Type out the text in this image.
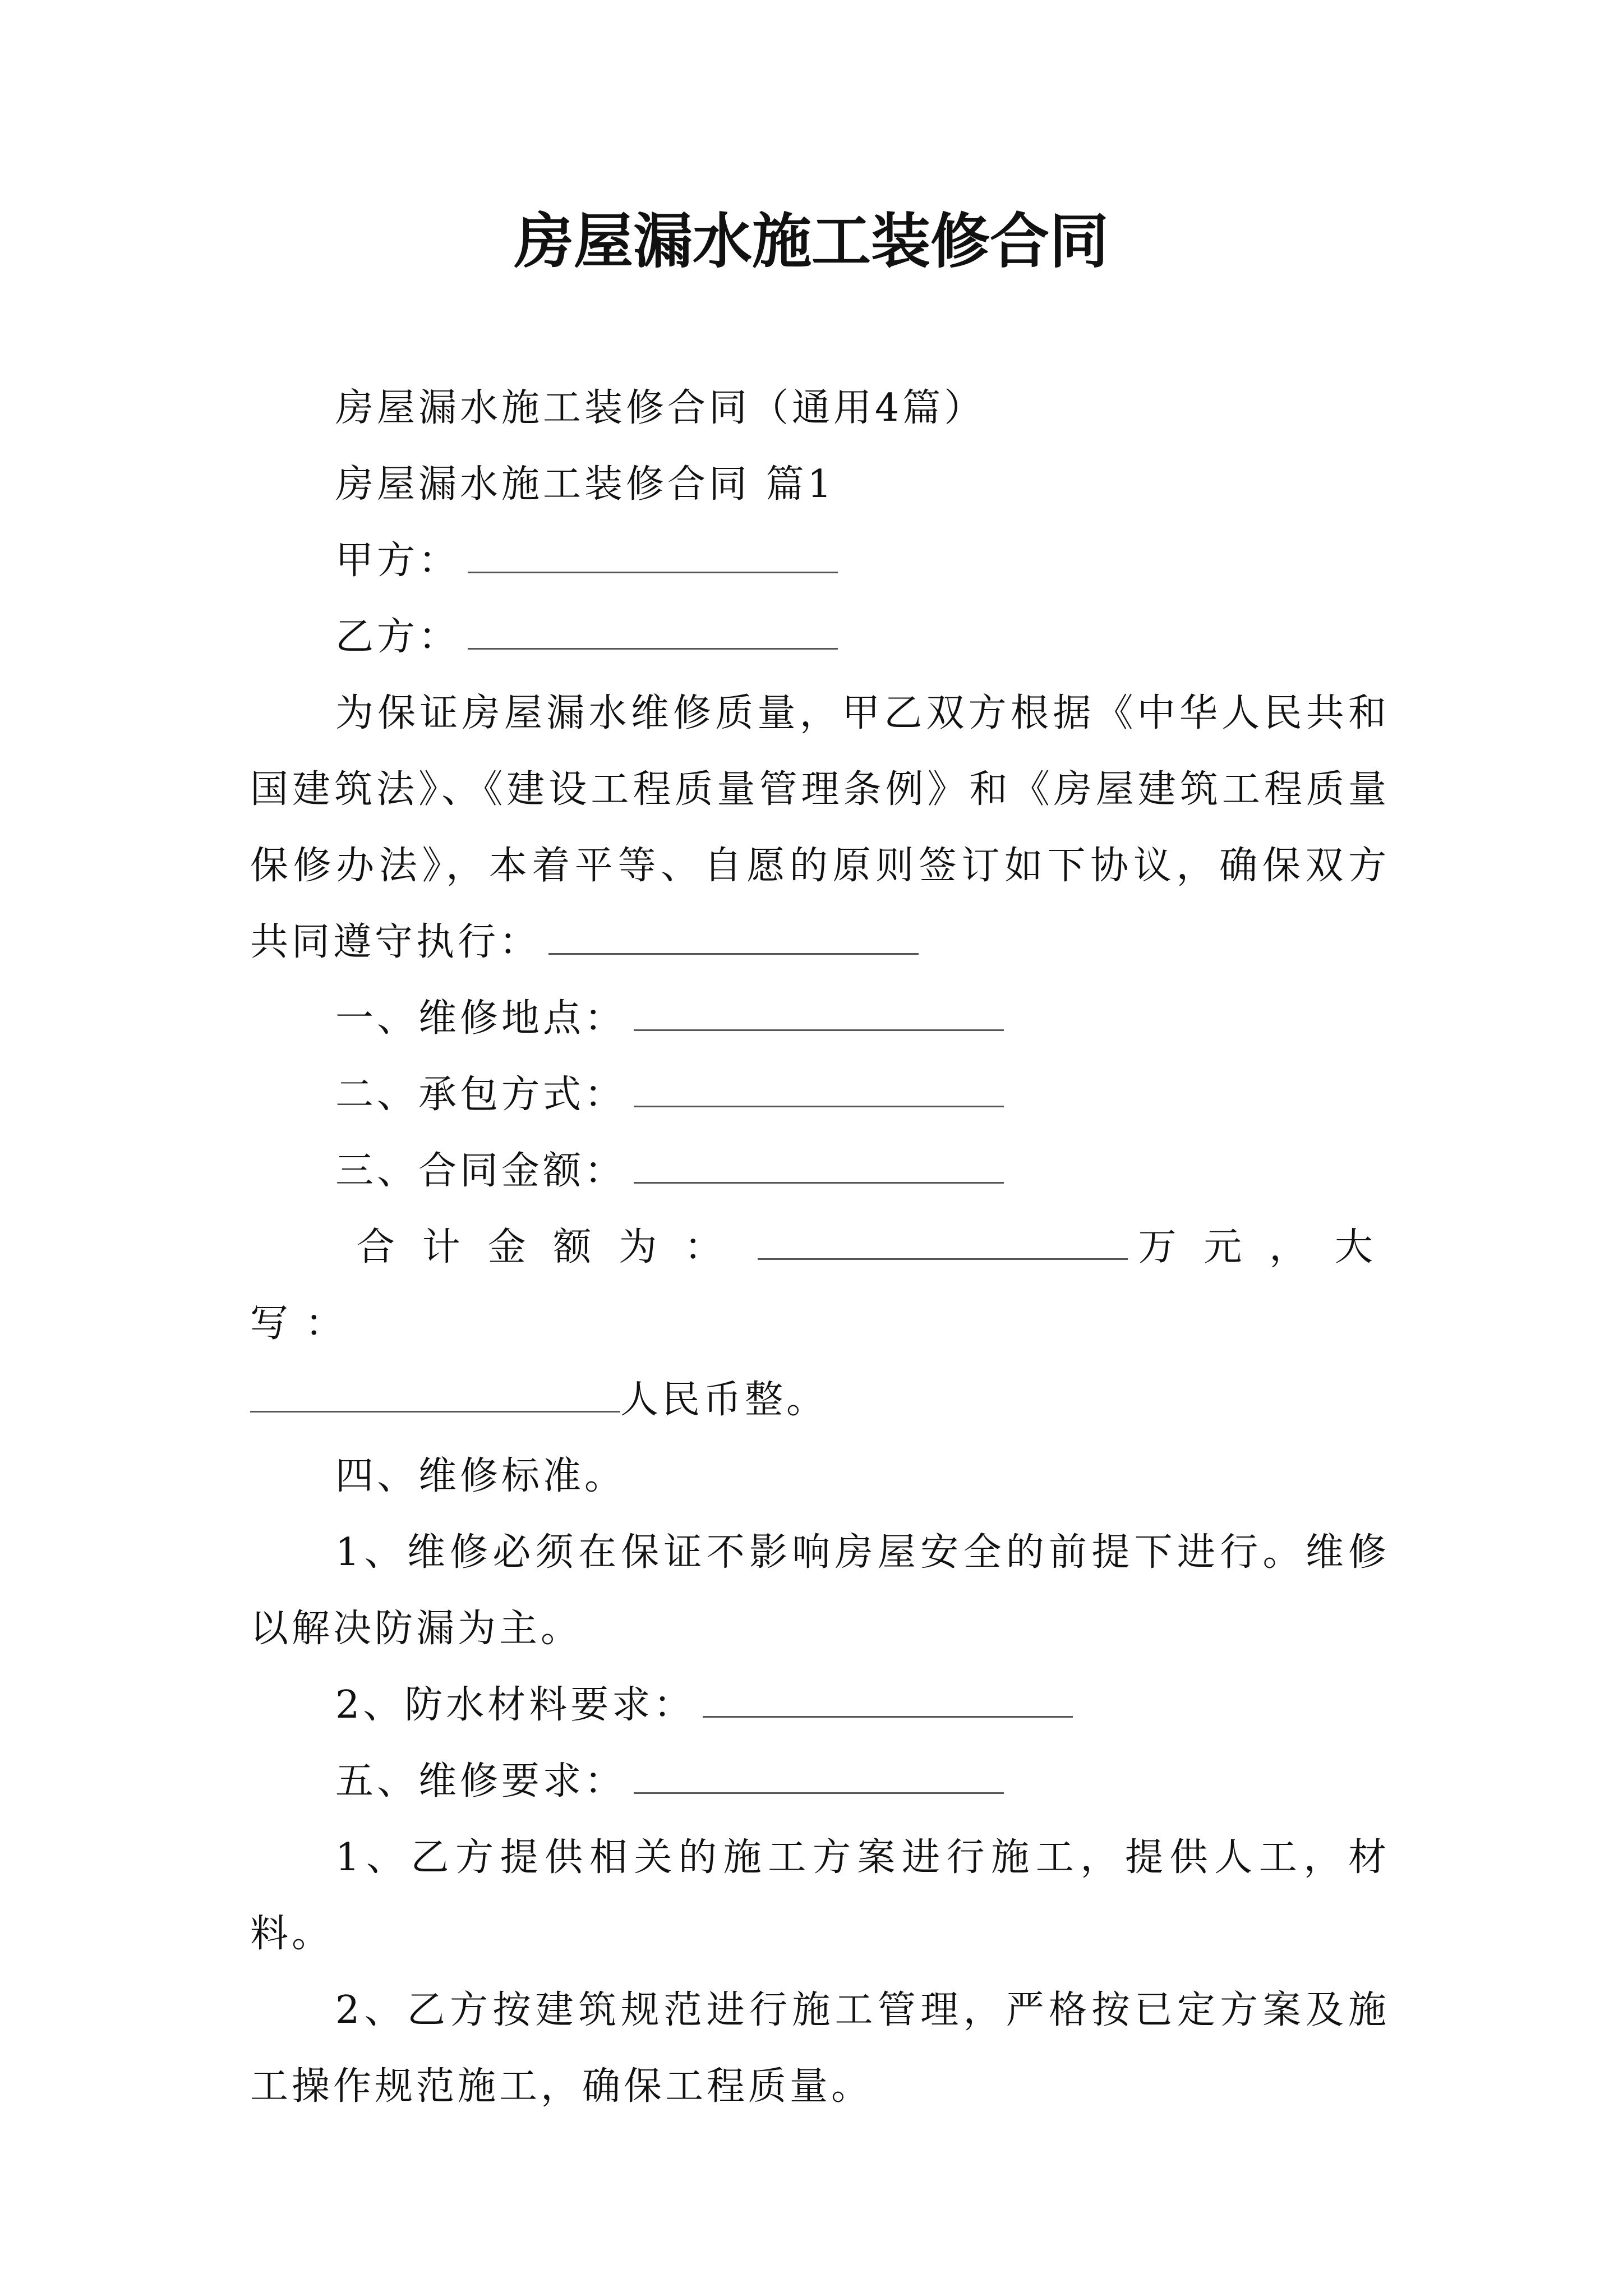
房屋漏水施工装修合同

房屋漏水施工装修合同（通用4篇）

房屋漏水施工装修合同 篇1

甲方：

乙方：

为保证房屋漏水维修质量，甲乙双方根据《中华人民共和国建筑法》、《建设工程质量管理条例》和《房屋建筑工程质量保修办法》，本着平等、自愿的原则签订如下协议，确保双方共同遵守执行：

一、维修地点：

二、承包方式：

三、合同金额：

合计金额为：	万元，大写：

人民币整。

四、维修标准。

1、维修必须在保证不影响房屋安全的前提下进行。维修以解决防漏为主。

2、防水材料要求：

五、维修要求：

1、乙方提供相关的施工方案进行施工，提供人工，材料。

2、乙方按建筑规范进行施工管理，严格按已定方案及施工操作规范施工，确保工程质量。
